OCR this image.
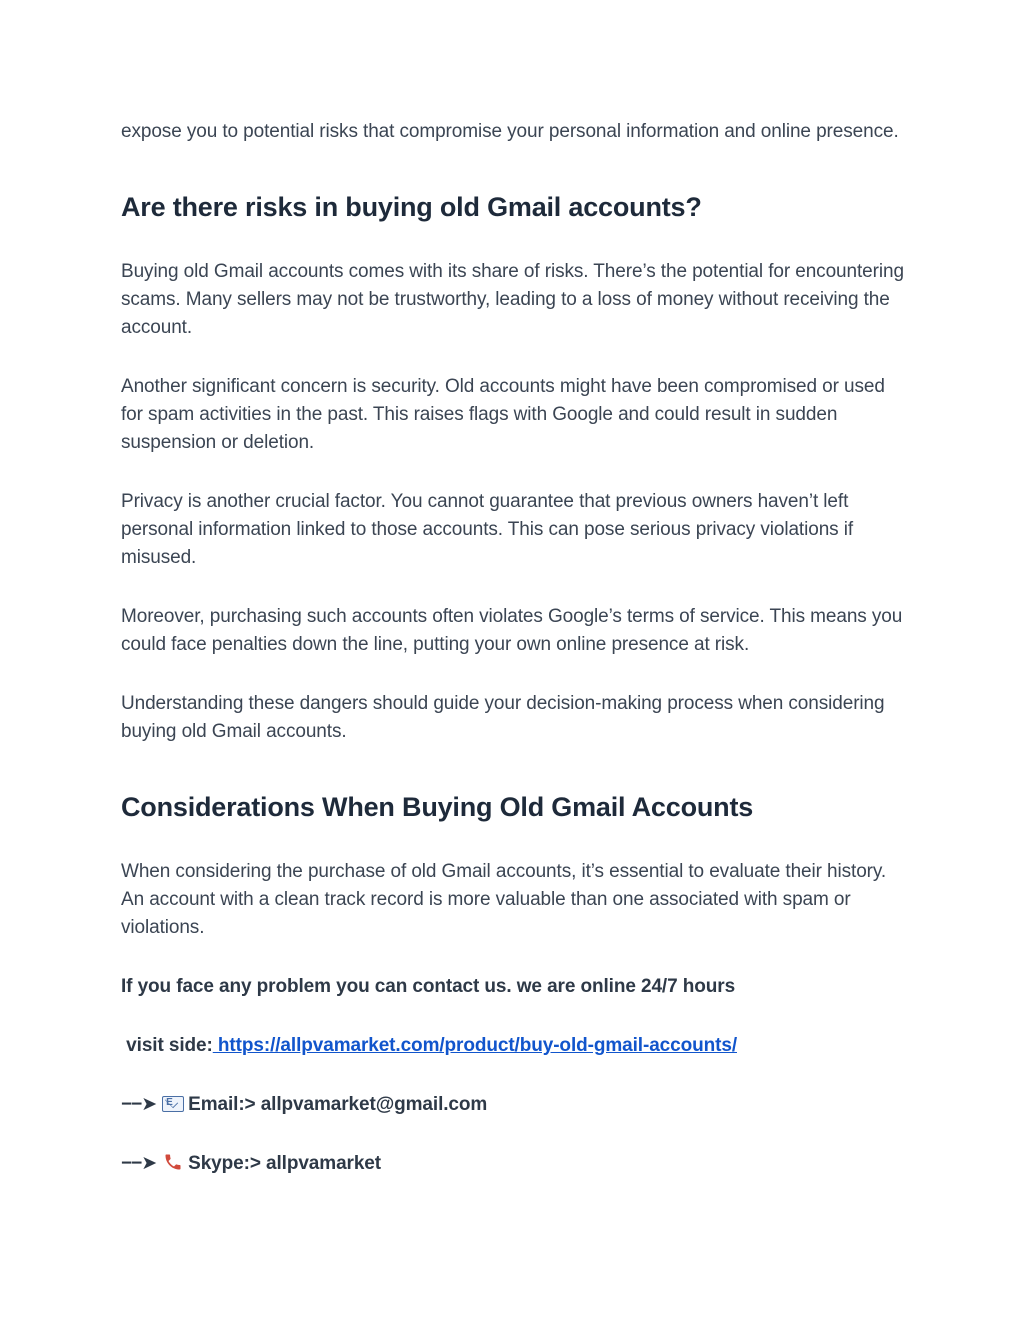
expose you to potential risks that compromise your personal information and online presence.

Are there risks in buying old Gmail accounts?

Buying old Gmail accounts comes with its share of risks. There’s the potential for encountering scams. Many sellers may not be trustworthy, leading to a loss of money without receiving the account.

Another significant concern is security. Old accounts might have been compromised or used for spam activities in the past. This raises flags with Google and could result in sudden suspension or deletion.

Privacy is another crucial factor. You cannot guarantee that previous owners haven’t left personal information linked to those accounts. This can pose serious privacy violations if misused.

Moreover, purchasing such accounts often violates Google’s terms of service. This means you could face penalties down the line, putting your own online presence at risk.

Understanding these dangers should guide your decision-making process when considering buying old Gmail accounts.

Considerations When Buying Old Gmail Accounts

When considering the purchase of old Gmail accounts, it’s essential to evaluate their history. An account with a clean track record is more valuable than one associated with spam or violations.

If you face any problem you can contact us. we are online 24/7 hours

visit side: https://allpvamarket.com/product/buy-old-gmail-accounts/

−−➤E Email:> allpvamarket@gmail.com

−−➤ Skype:> allpvamarket
